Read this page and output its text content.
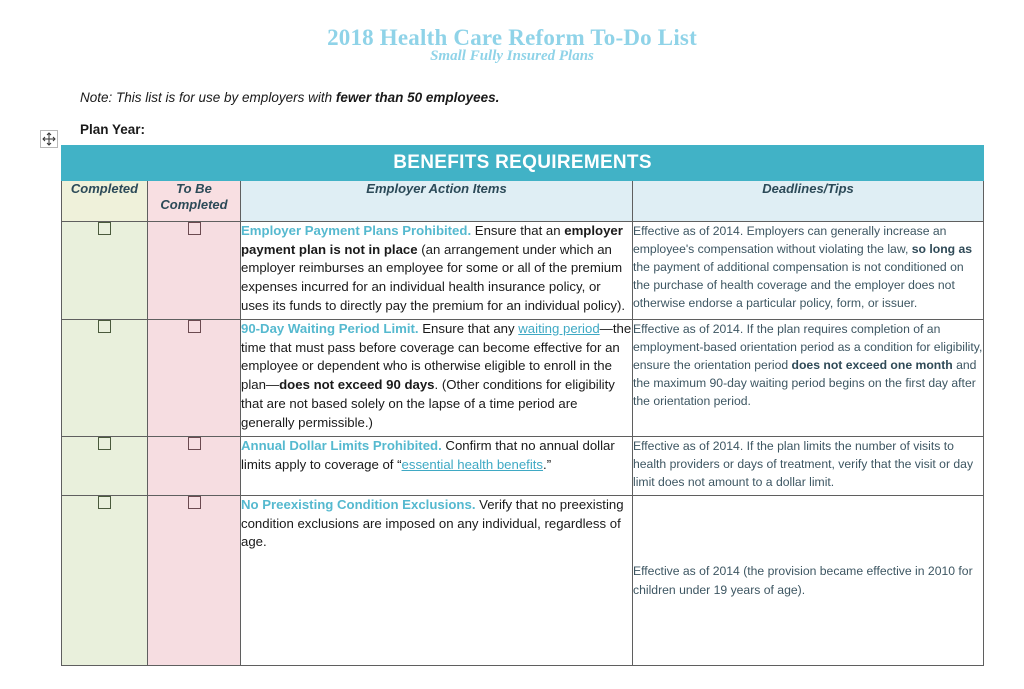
2018 Health Care Reform To-Do List
Small Fully Insured Plans
Note: This list is for use by employers with fewer than 50 employees.
Plan Year:
BENEFITS REQUIREMENTS			
Completed	To Be Completed	Employer Action Items	Deadlines/Tips
		Employer Payment Plans Prohibited. Ensure that an employer payment plan is not in place (an arrangement under which an employer reimburses an employee for some or all of the premium expenses incurred for an individual health insurance policy, or uses its funds to directly pay the premium for an individual policy).	Effective as of 2014. Employers can generally increase an employee's compensation without violating the law, so long as the payment of additional compensation is not conditioned on the purchase of health coverage and the employer does not otherwise endorse a particular policy, form, or issuer.
		90-Day Waiting Period Limit. Ensure that any waiting period—the time that must pass before coverage can become effective for an employee or dependent who is otherwise eligible to enroll in the plan—does not exceed 90 days. (Other conditions for eligibility that are not based solely on the lapse of a time period are generally permissible.)	Effective as of 2014. If the plan requires completion of an employment-based orientation period as a condition for eligibility, ensure the orientation period does not exceed one month and the maximum 90-day waiting period begins on the first day after the orientation period.
		Annual Dollar Limits Prohibited. Confirm that no annual dollar limits apply to coverage of “essential health benefits.”	Effective as of 2014. If the plan limits the number of visits to health providers or days of treatment, verify that the visit or day limit does not amount to a dollar limit.
		No Preexisting Condition Exclusions. Verify that no preexisting condition exclusions are imposed on any individual, regardless of age.	Effective as of 2014 (the provision became effective in 2010 for children under 19 years of age).
